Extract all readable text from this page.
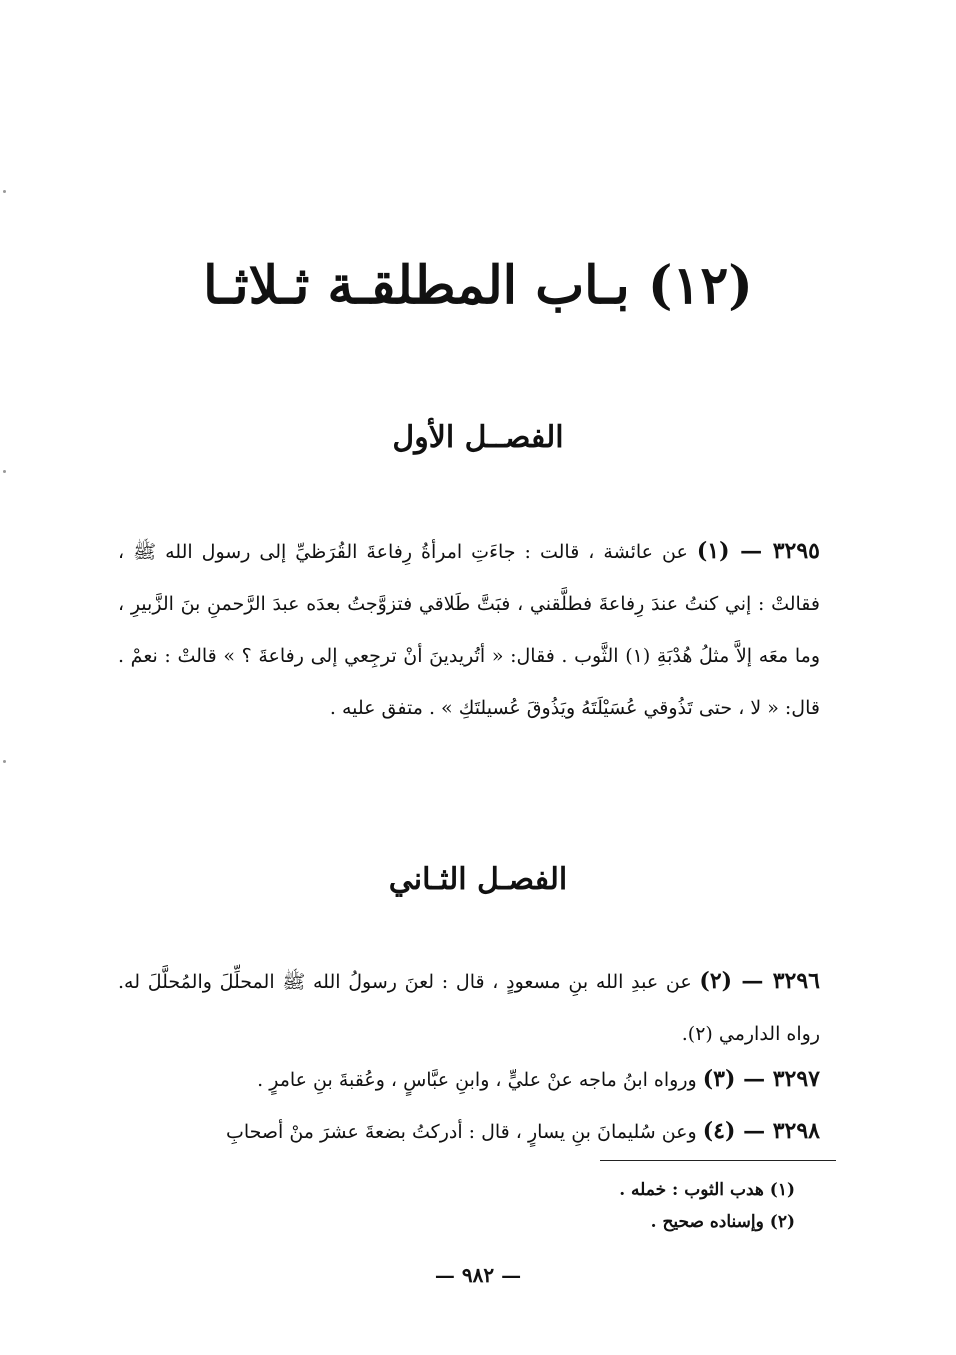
(١٢) بـاب المطلقـة ثـلاثـا
الفصــل الأول
٣٢٩٥ — (١) عن عائشة ، قالت : جاءَتِ امرأةُ رِفاعةَ القُرَظيِّ إلى رسول الله ﷺ ، فقالتْ : إني كنتُ عندَ رِفاعةَ فطلَّقني ، فبَتَّ طَلاقي فتزوَّجتُ بعدَه عبدَ الرَّحمنِ بنَ الزَّبيرِ ، وما معَه إلاَّ مثلُ هُدْبَةِ (١) الثَّوب . فقال: « أتُريدينَ أنْ ترجِعي إلى رفاعةَ ؟ » قالتْ : نعمْ . قال: « لا ، حتى تَذُوقي عُسَيْلَتَهُ ويَذُوقَ عُسيلتَكِ » . متفق عليه .
الفصـل الثـاني
٣٢٩٦ — (٢) عن عبدِ الله بنِ مسعودٍ ، قال : لعنَ رسولُ الله ﷺ المحلِّلَ والمُحلَّلَ له. رواه الدارمي (٢).
٣٢٩٧ — (٣) ورواه ابنُ ماجه عنْ عليٍّ ، وابنِ عبَّاسٍ ، وعُقبةَ بنِ عامرٍ .
٣٢٩٨ — (٤) وعن سُليمانَ بنِ يسارٍ ، قال : أدركتُ بضعةَ عشرَ منْ أصحابِ
(١) هدب الثوب : خمله .
(٢) وإسناده صحيح .
— ٩٨٢ —
